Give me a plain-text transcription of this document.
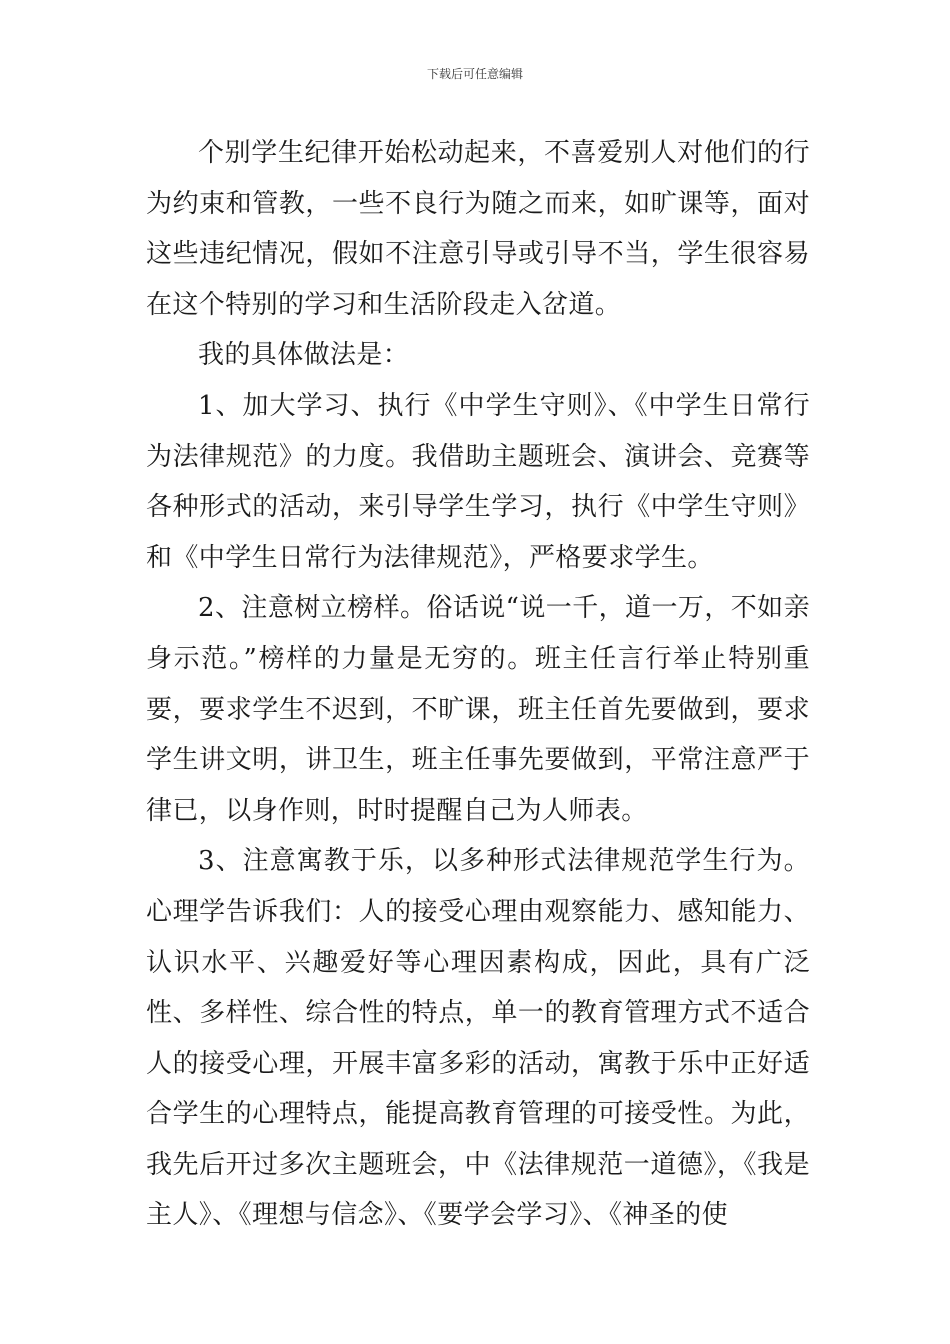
下载后可任意编辑

个别学生纪律开始松动起来，不喜爱别人对他们的行为约束和管教，一些不良行为随之而来，如旷课等，面对这些违纪情况，假如不注意引导或引导不当，学生很容易在这个特别的学习和生活阶段走入岔道。

我的具体做法是：

1、加大学习、执行《中学生守则》、《中学生日常行为法律规范》的力度。我借助主题班会、演讲会、竞赛等各种形式的活动，来引导学生学习，执行《中学生守则》和《中学生日常行为法律规范》，严格要求学生。

2、注意树立榜样。俗话说“说一千，道一万，不如亲身示范。”榜样的力量是无穷的。班主任言行举止特别重要，要求学生不迟到，不旷课，班主任首先要做到，要求学生讲文明，讲卫生，班主任事先要做到，平常注意严于律已，以身作则，时时提醒自己为人师表。

3、注意寓教于乐，以多种形式法律规范学生行为。心理学告诉我们：人的接受心理由观察能力、感知能力、认识水平、兴趣爱好等心理因素构成，因此，具有广泛性、多样性、综合性的特点，单一的教育管理方式不适合人的接受心理，开展丰富多彩的活动，寓教于乐中正好适合学生的心理特点，能提高教育管理的可接受性。为此，我先后开过多次主题班会，中《法律规范一道德》，《我是主人》、《理想与信念》、《要学会学习》、《神圣的使
